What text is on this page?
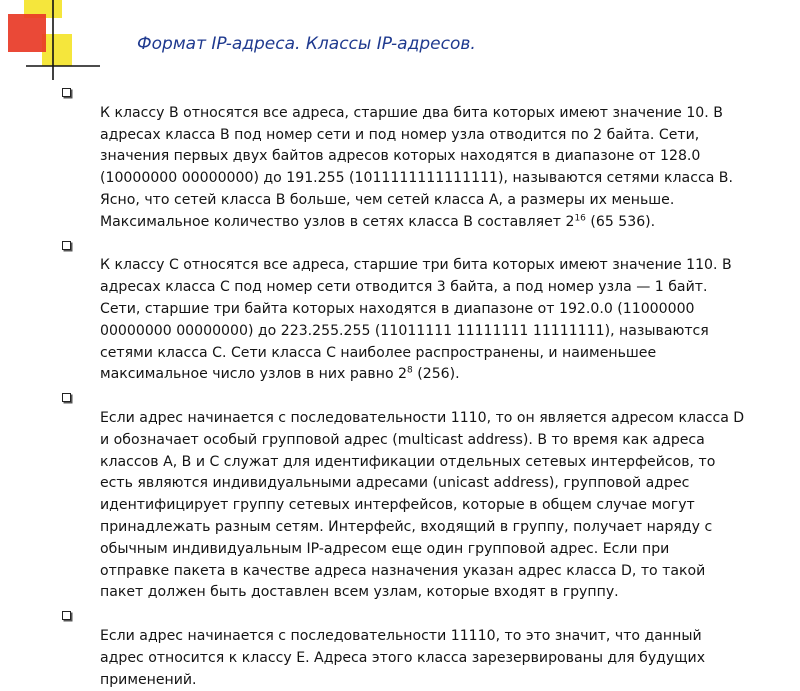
Формат IP-адреса. Классы IP-адресов.

К классу В относятся все адреса, старшие два бита которых имеют значение 10. В
адресах класса В под номер сети и под номер узла отводится по 2 байта. Сети,
значения первых двух байтов адресов которых находятся в диапазоне от 128.0
(10000000 00000000) до 191.255 (1011111111111111), называются сетями класса В.
Ясно, что сетей класса В больше, чем сетей класса А, а размеры их меньше.
Максимальное количество узлов в сетях класса В составляет $2^{16}$ (65 536).

К классу С относятся все адреса, старшие три бита которых имеют значение 110. В
адресах класса С под номер сети отводится 3 байта, а под номер узла — 1 байт.
Сети, старшие три байта которых находятся в диапазоне от 192.0.0 (11000000
00000000 00000000) до 223.255.255 (11011111 11111111 11111111), называются
сетями класса С. Сети класса С наиболее распространены, и наименьшее
максимальное число узлов в них равно $2^8$ (256).

Если адрес начинается с последовательности 1110, то он является адресом класса D
и обозначает особый групповой адрес (multicast address). В то время как адреса
классов А, В и С служат для идентификации отдельных сетевых интерфейсов, то
есть являются индивидуальными адресами (unicast address), групповой адрес
идентифицирует группу сетевых интерфейсов, которые в общем случае могут
принадлежать разным сетям. Интерфейс, входящий в группу, получает наряду с
обычным индивидуальным IP-адресом еще один групповой адрес. Если при
отправке пакета в качестве адреса назначения указан адрес класса D, то такой
пакет должен быть доставлен всем узлам, которые входят в группу.

Если адрес начинается с последовательности 11110, то это значит, что данный
адрес относится к классу Е. Адреса этого класса зарезервированы для будущих
применений.
